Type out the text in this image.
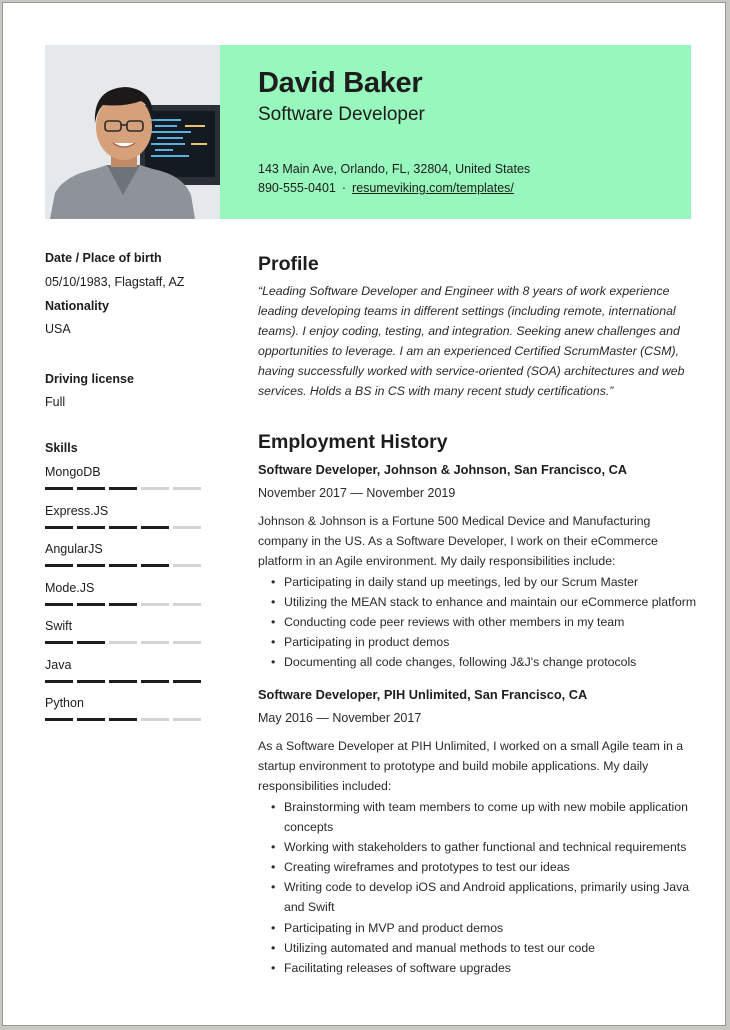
David Baker
Software Developer
143 Main Ave, Orlando, FL, 32804, United States
890-555-0401 · resumeviking.com/templates/
Date / Place of birth
05/10/1983, Flagstaff, AZ
Nationality
USA
Driving license
Full
Skills
MongoDB
Express.JS
AngularJS
Mode.JS
Swift
Java
Python
Profile
“Leading Software Developer and Engineer with 8 years of work experience leading developing teams in different settings (including remote, international teams). I enjoy coding, testing, and integration. Seeking anew challenges and opportunities to leverage. I am an experienced Certified ScrumMaster (CSM), having successfully worked with service-oriented (SOA) architectures and web services. Holds a BS in CS with many recent study certifications.”
Employment History
Software Developer, Johnson & Johnson, San Francisco, CA
November 2017 — November 2019
Johnson & Johnson is a Fortune 500 Medical Device and Manufacturing company in the US. As a Software Developer, I work on their eCommerce platform in an Agile environment. My daily responsibilities include:
• Participating in daily stand up meetings, led by our Scrum Master
• Utilizing the MEAN stack to enhance and maintain our eCommerce platform
• Conducting code peer reviews with other members in my team
• Participating in product demos
• Documenting all code changes, following J&J's change protocols
Software Developer, PIH Unlimited, San Francisco, CA
May 2016 — November 2017
As a Software Developer at PIH Unlimited, I worked on a small Agile team in a startup environment to prototype and build mobile applications. My daily responsibilities included:
• Brainstorming with team members to come up with new mobile application concepts
• Working with stakeholders to gather functional and technical requirements
• Creating wireframes and prototypes to test our ideas
• Writing code to develop iOS and Android applications, primarily using Java and Swift
• Participating in MVP and product demos
• Utilizing automated and manual methods to test our code
• Facilitating releases of software upgrades
